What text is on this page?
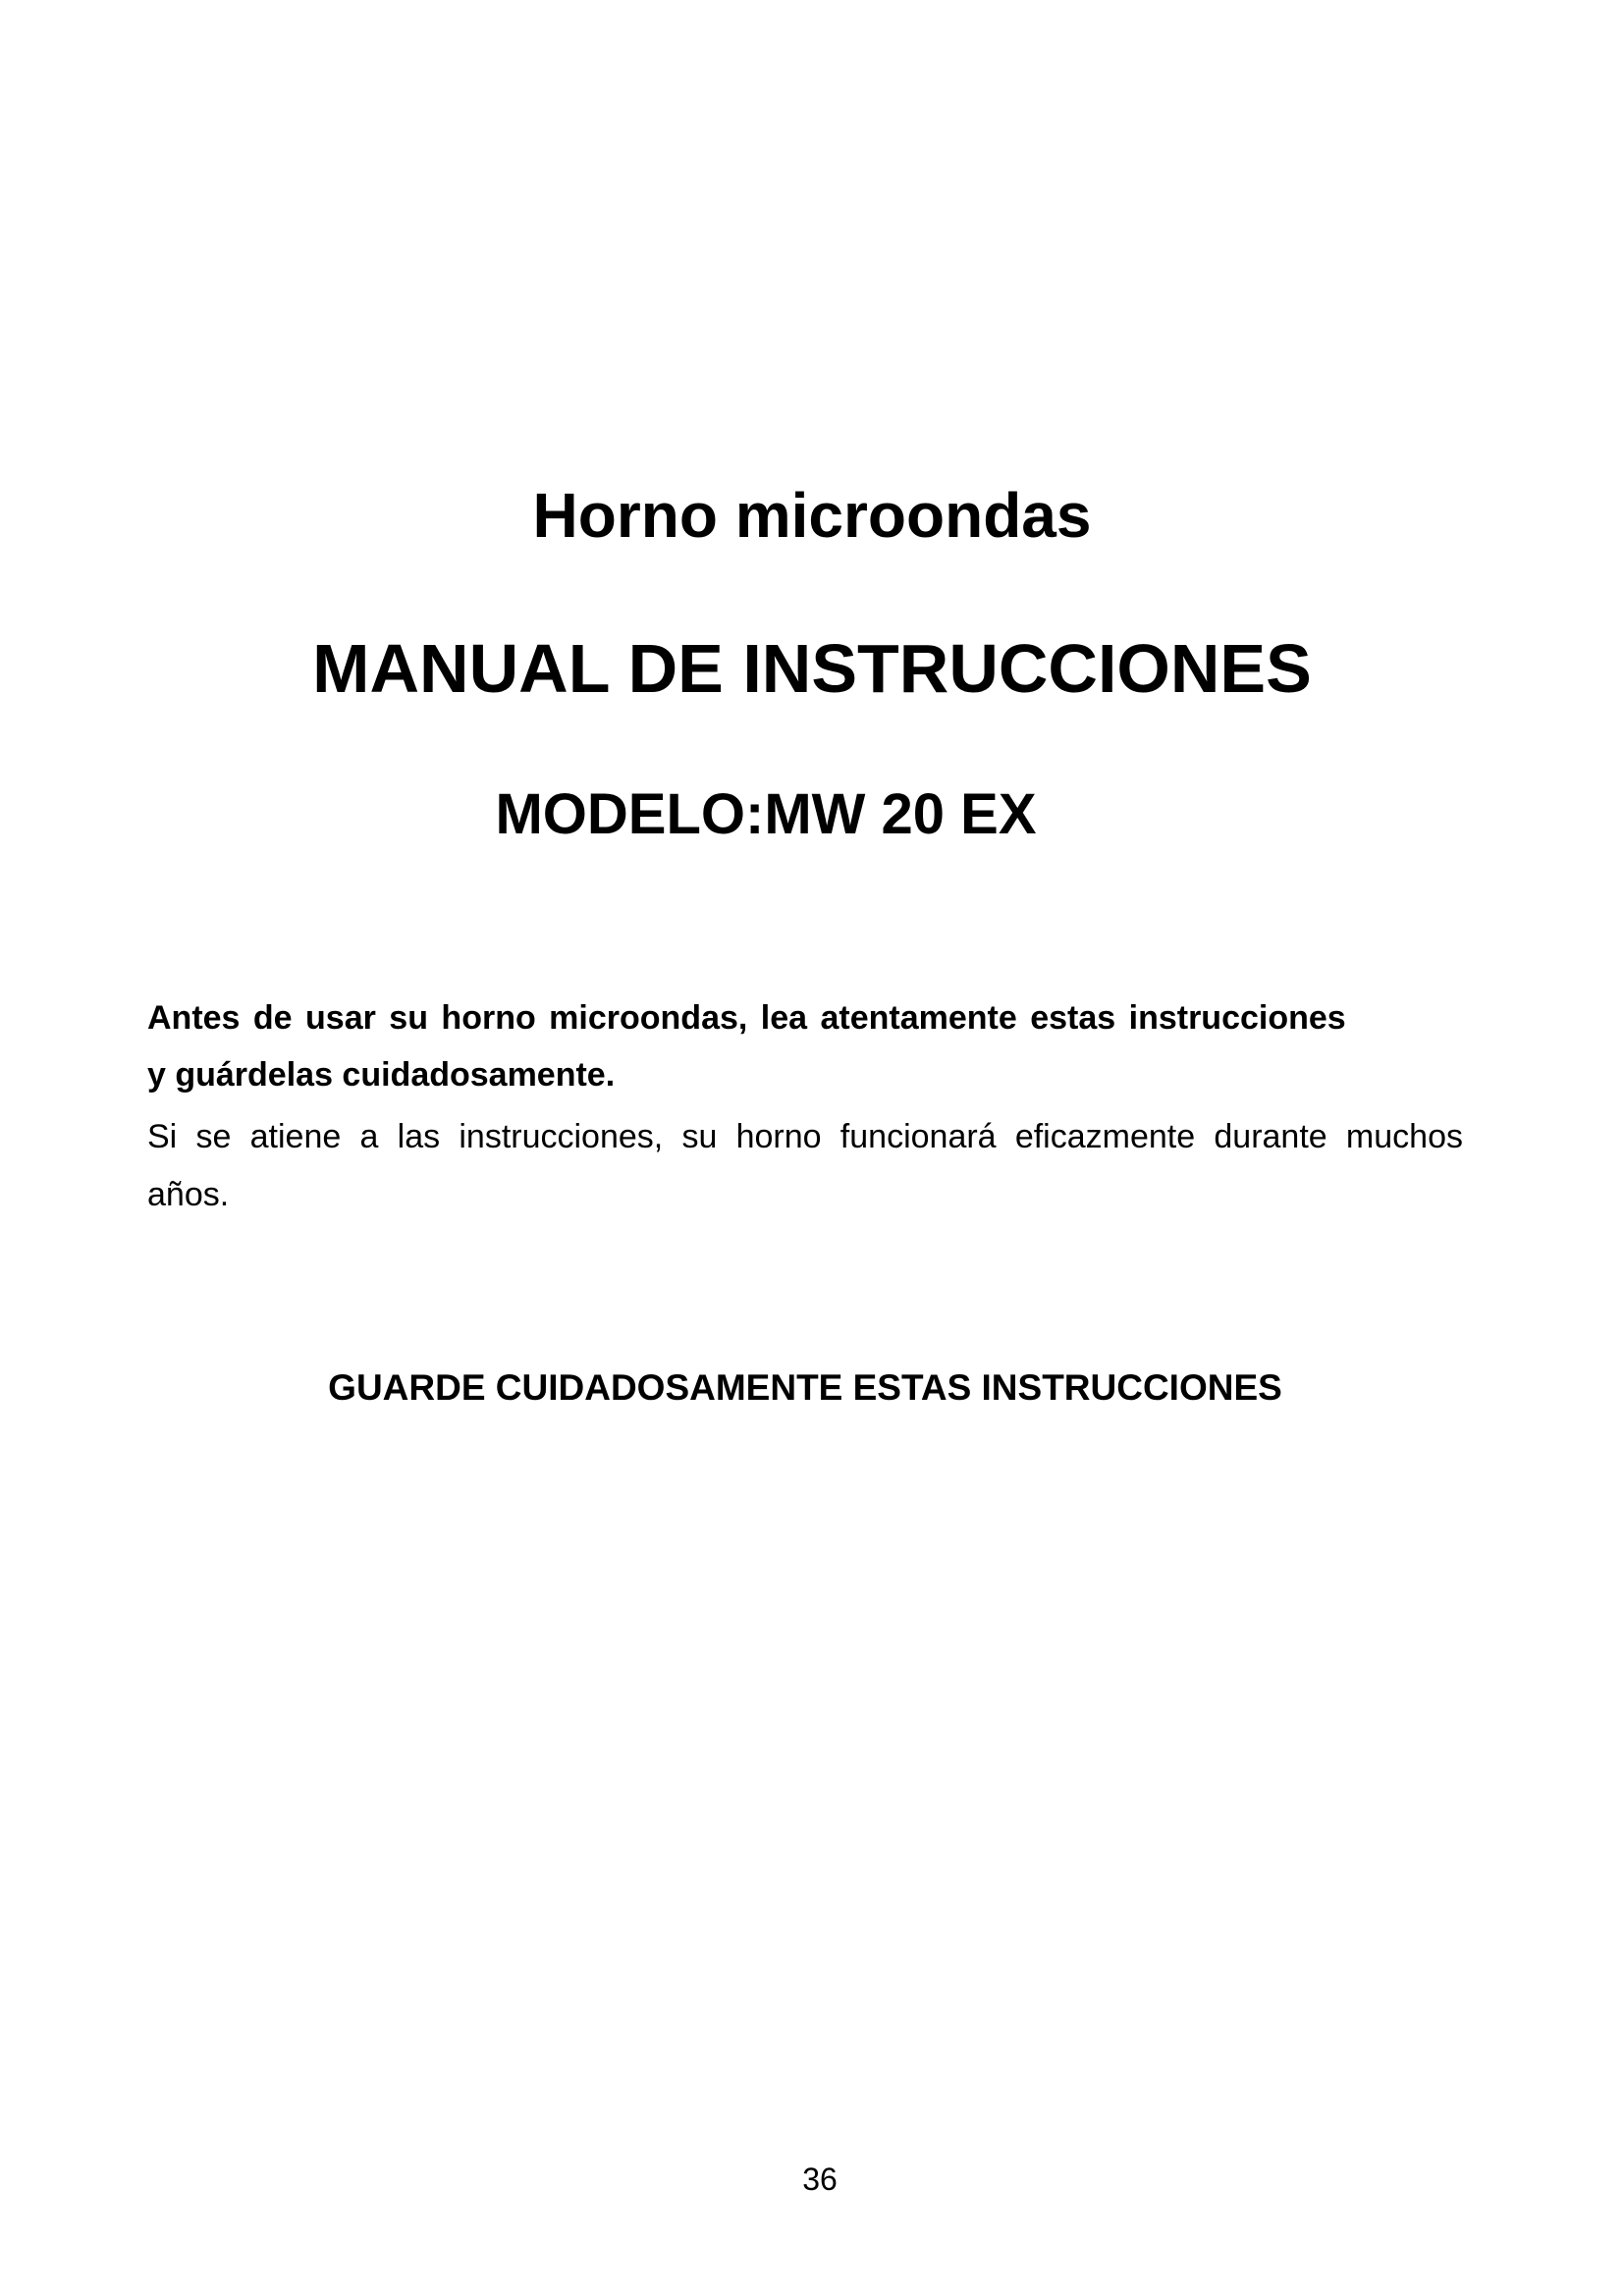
Horno microondas
MANUAL DE INSTRUCCIONES
MODELO:MW 20 EX

Antes de usar su horno microondas, lea atentamente estas instrucciones

y guárdelas cuidadosamente.

Si se atiene a las instrucciones, su horno funcionará eficazmente durante muchos

años.

GUARDE CUIDADOSAMENTE ESTAS INSTRUCCIONES

36
